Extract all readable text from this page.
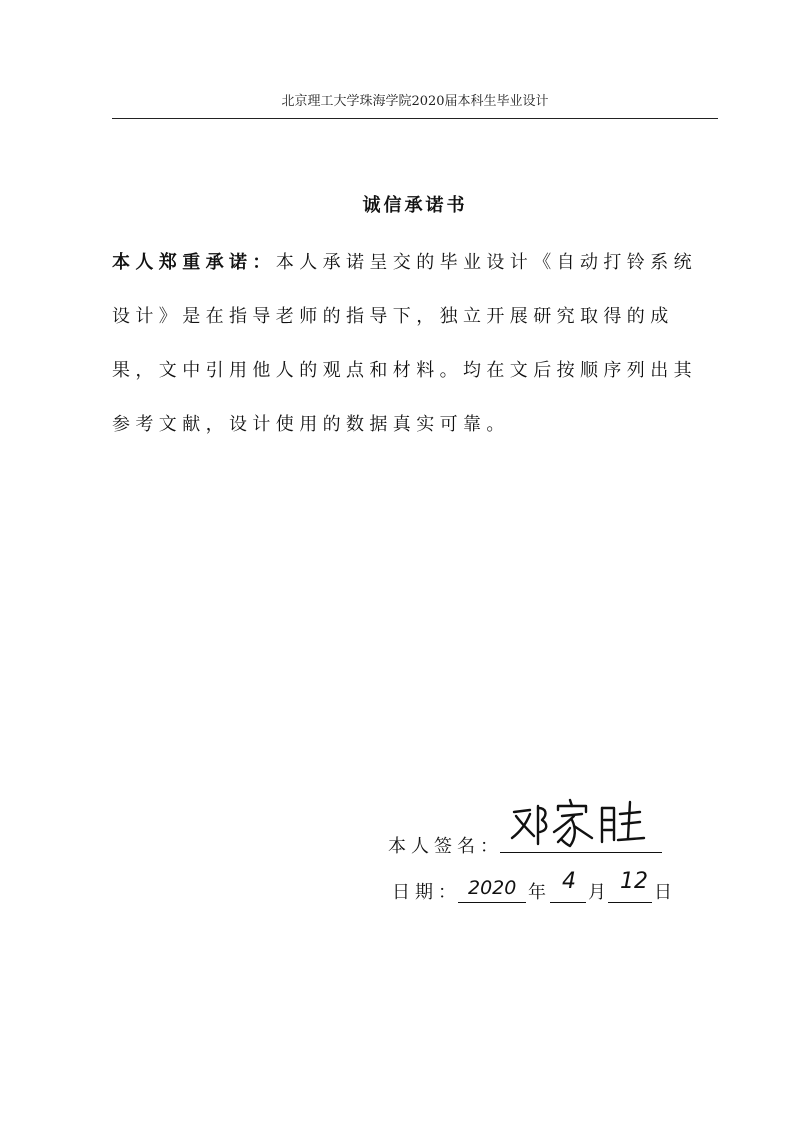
北京理工大学珠海学院2020届本科生毕业设计
诚信承诺书
本人郑重承诺：本人承诺呈交的毕业设计《自动打铃系统设计》是在指导老师的指导下，独立开展研究取得的成果，文中引用他人的观点和材料。均在文后按顺序列出其参考文献，设计使用的数据真实可靠。
本人签名：
日期： 2020 年 4 月 12 日
